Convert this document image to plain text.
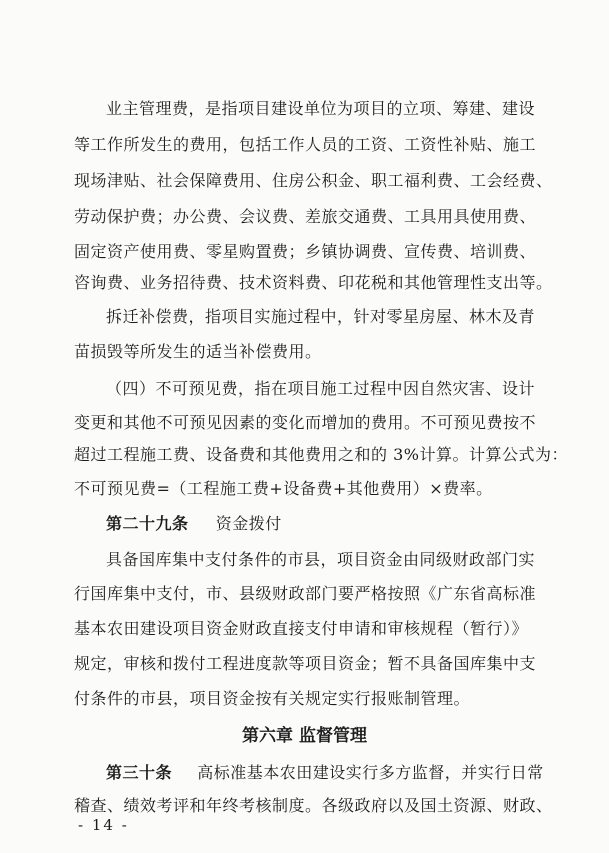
业主管理费，是指项目建设单位为项目的立项、筹建、建设
等工作所发生的费用，包括工作人员的工资、工资性补贴、施工
现场津贴、社会保障费用、住房公积金、职工福利费、工会经费、
劳动保护费；办公费、会议费、差旅交通费、工具用具使用费、
固定资产使用费、零星购置费；乡镇协调费、宣传费、培训费、
咨询费、业务招待费、技术资料费、印花税和其他管理性支出等。
拆迁补偿费，指项目实施过程中，针对零星房屋、林木及青
苗损毁等所发生的适当补偿费用。
（四）不可预见费，指在项目施工过程中因自然灾害、设计
变更和其他不可预见因素的变化而增加的费用。不可预见费按不
超过工程施工费、设备费和其他费用之和的 3%计算。计算公式为：
不可预见费=（工程施工费+设备费+其他费用）×费率。
第二十九条 资金拨付
具备国库集中支付条件的市县，项目资金由同级财政部门实
行国库集中支付，市、县级财政部门要严格按照《广东省高标准
基本农田建设项目资金财政直接支付申请和审核规程（暂行）》
规定，审核和拨付工程进度款等项目资金；暂不具备国库集中支
付条件的市县，项目资金按有关规定实行报账制管理。
第六章 监督管理
第三十条 高标准基本农田建设实行多方监督，并实行日常
稽查、绩效考评和年终考核制度。各级政府以及国土资源、财政、
- 14 -
